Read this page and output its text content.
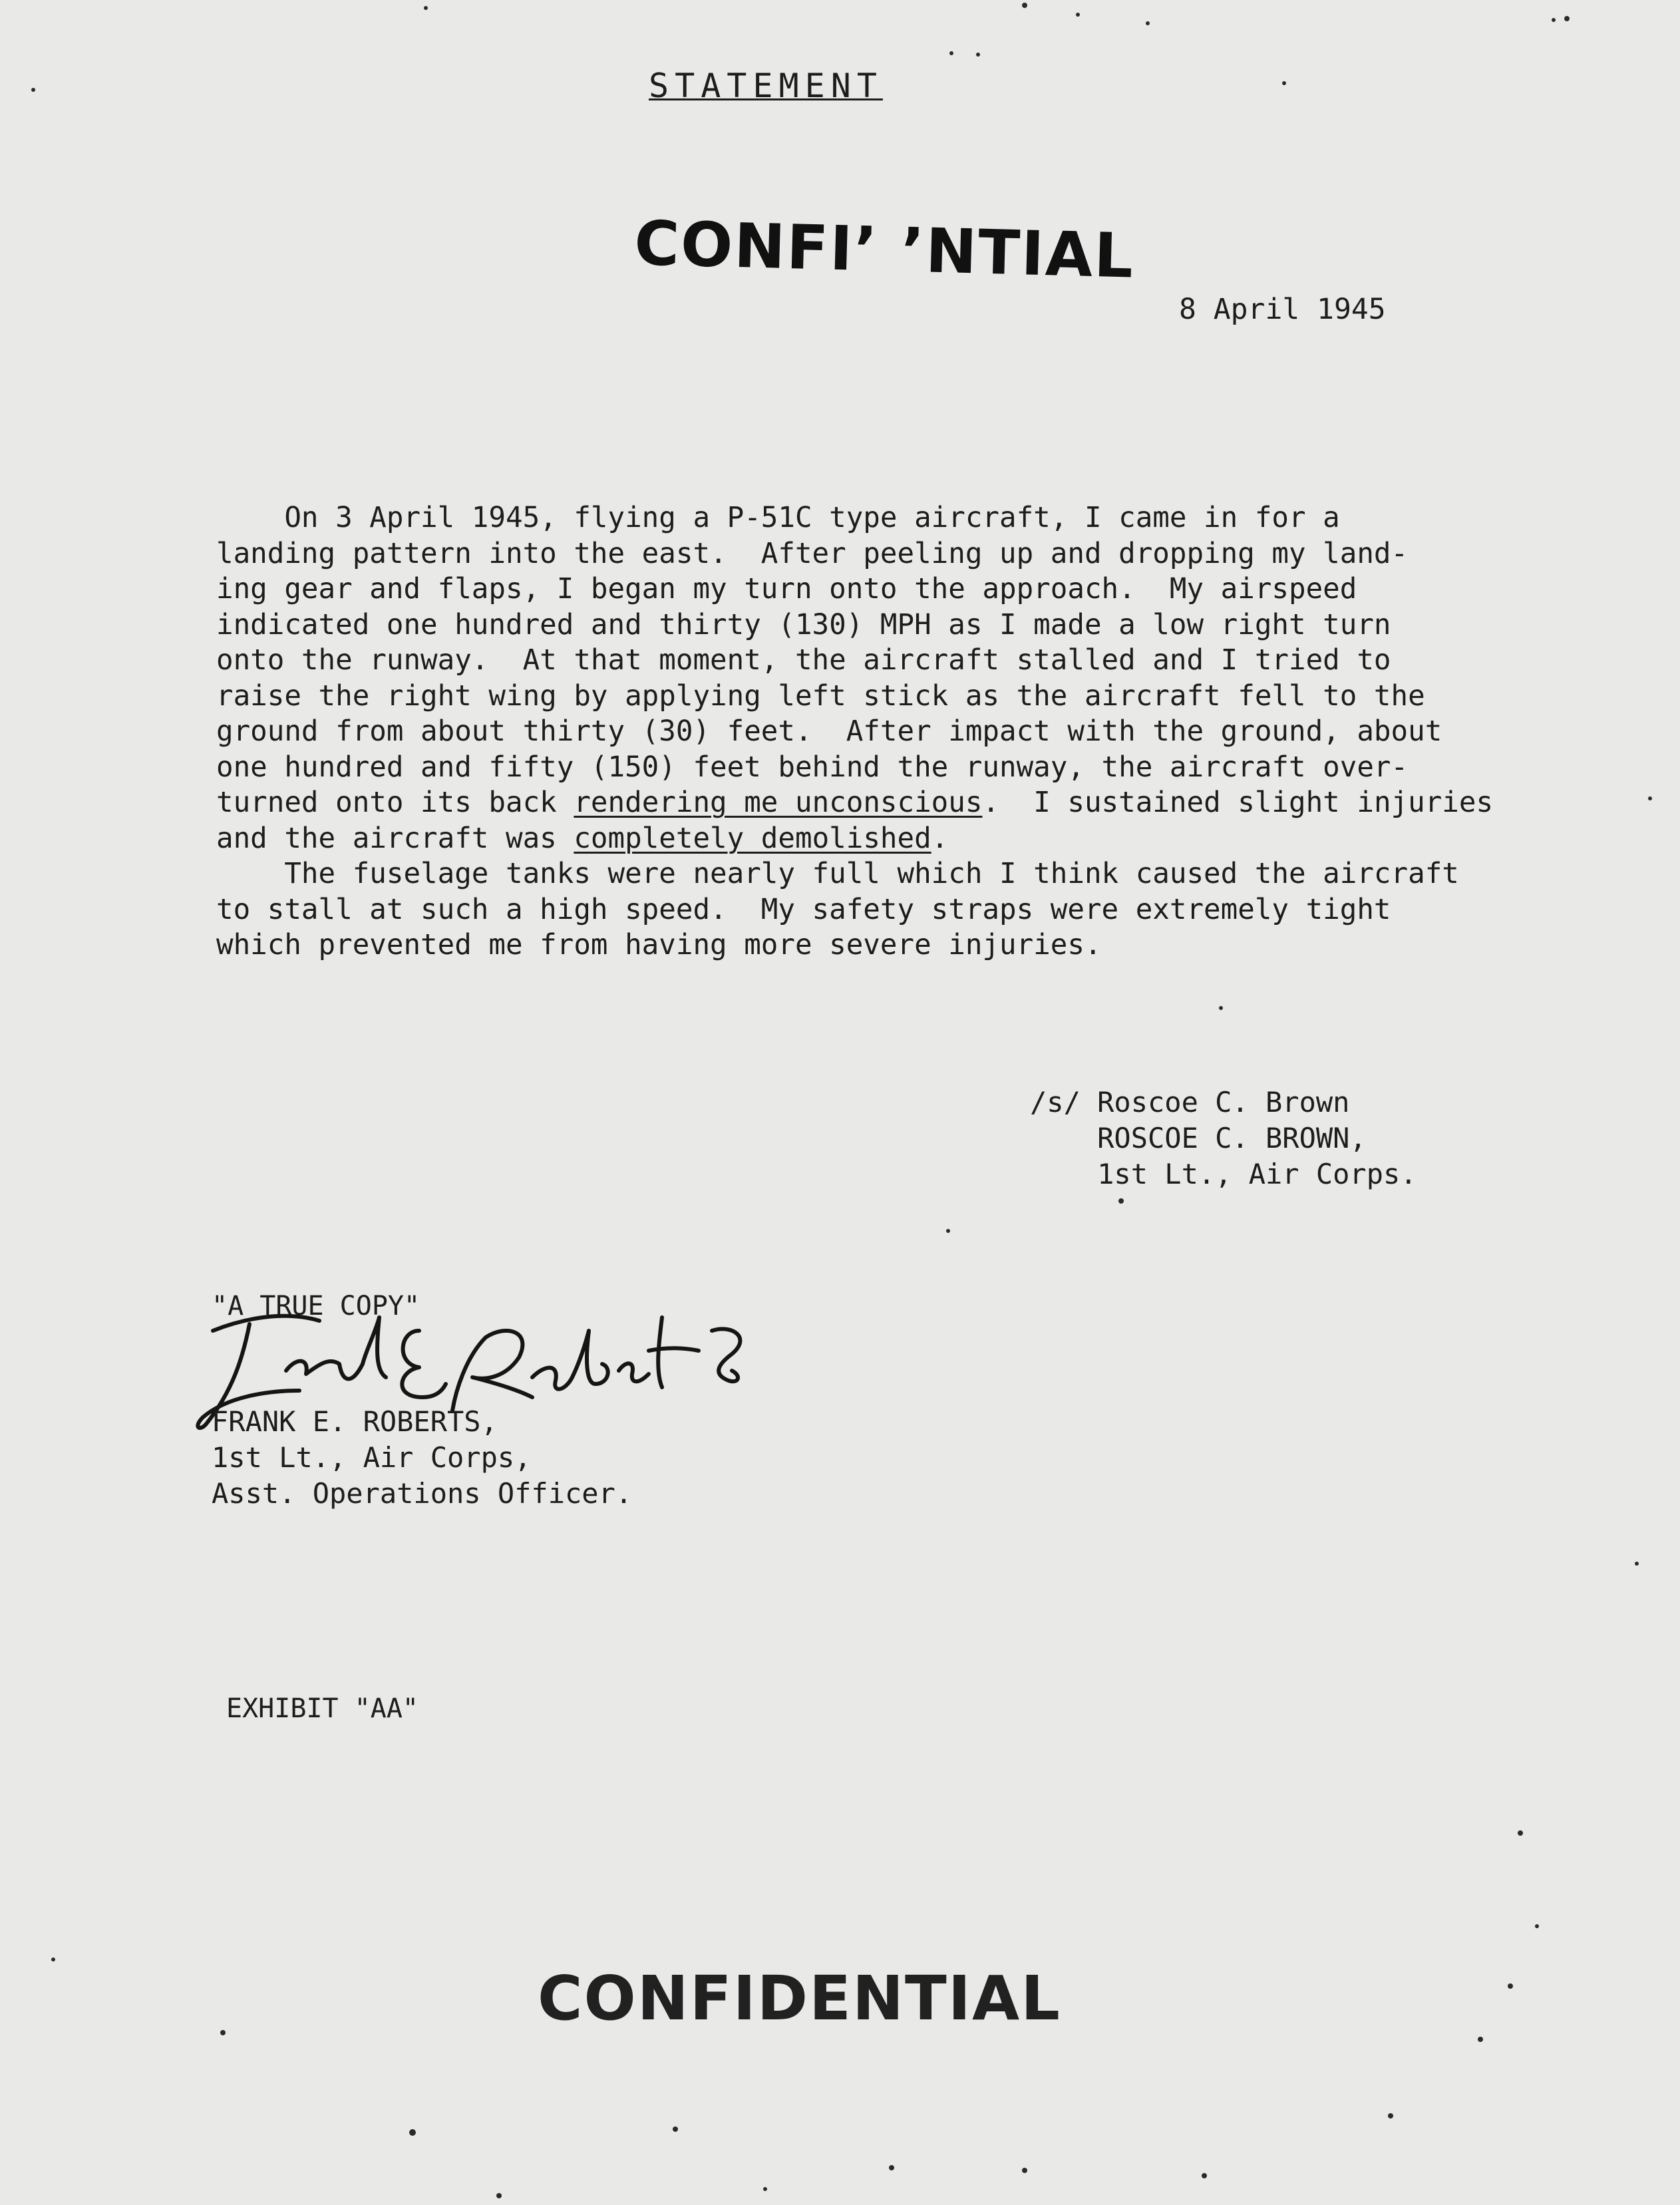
STATEMENT
CONFI’ ’NTIAL
8 April 1945
On 3 April 1945, flying a P-51C type aircraft, I came in for a
landing pattern into the east.  After peeling up and dropping my land-
ing gear and flaps, I began my turn onto the approach.  My airspeed
indicated one hundred and thirty (130) MPH as I made a low right turn
onto the runway.  At that moment, the aircraft stalled and I tried to
raise the right wing by applying left stick as the aircraft fell to the
ground from about thirty (30) feet.  After impact with the ground, about
one hundred and fifty (150) feet behind the runway, the aircraft over-
turned onto its back rendering me unconscious.  I sustained slight injuries
and the aircraft was completely demolished.
The fuselage tanks were nearly full which I think caused the aircraft
to stall at such a high speed.  My safety straps were extremely tight
which prevented me from having more severe injuries.
/s/ Roscoe C. Brown
ROSCOE C. BROWN,
1st Lt., Air Corps.
"A TRUE COPY"
FRANK E. ROBERTS,
1st Lt., Air Corps,
Asst. Operations Officer.
EXHIBIT "AA"
CONFIDENTIAL
